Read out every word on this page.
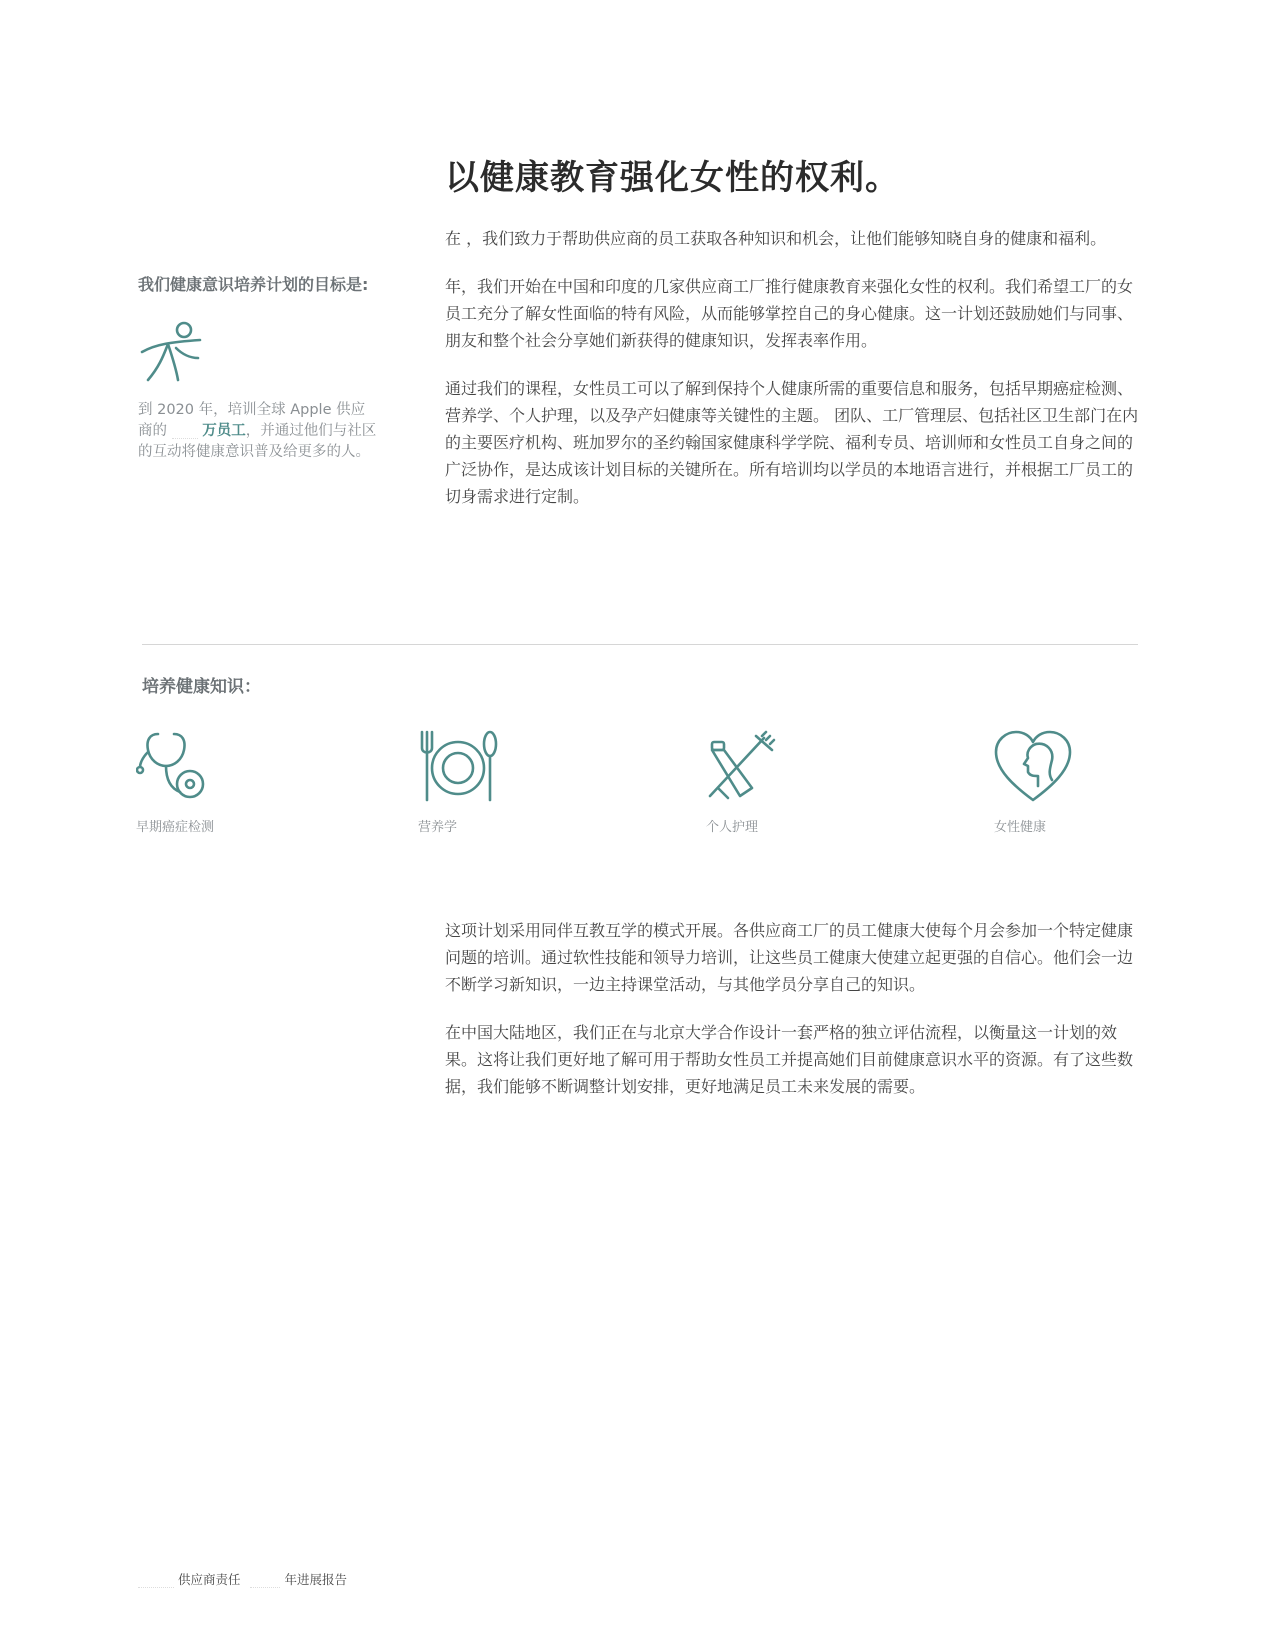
以健康教育强化女性的权利。

在 ，我们致力于帮助供应商的员工获取各种知识和机会，让他们能够知晓自身的健康和福利。

年，我们开始在中国和印度的几家供应商工厂推行健康教育来强化女性的权利。我们希望工厂的女员工充分了解女性面临的特有风险，从而能够掌控自己的身心健康。这一计划还鼓励她们与同事、朋友和整个社会分享她们新获得的健康知识，发挥表率作用。

通过我们的课程，女性员工可以了解到保持个人健康所需的重要信息和服务，包括早期癌症检测、营养学、个人护理，以及孕产妇健康等关键性的主题。 团队、工厂管理层、包括社区卫生部门在内的主要医疗机构、班加罗尔的圣约翰国家健康科学学院、福利专员、培训师和女性员工自身之间的广泛协作，是达成该计划目标的关键所在。所有培训均以学员的本地语言进行，并根据工厂员工的切身需求进行定制。

我们健康意识培养计划的目标是:
到 2020 年，培训全球 Apple 供应商的 万员工，并通过他们与社区的互动将健康意识普及给更多的人。
培养健康知识：
早期癌症检测	营养学	个人护理	女性健康

这项计划采用同伴互教互学的模式开展。各供应商工厂的员工健康大使每个月会参加一个特定健康问题的培训。通过软性技能和领导力培训，让这些员工健康大使建立起更强的自信心。他们会一边不断学习新知识，一边主持课堂活动，与其他学员分享自己的知识。

在中国大陆地区，我们正在与北京大学合作设计一套严格的独立评估流程，以衡量这一计划的效果。这将让我们更好地了解可用于帮助女性员工并提高她们目前健康意识水平的资源。有了这些数据，我们能够不断调整计划安排，更好地满足员工未来发展的需要。

供应商责任	年进展报告
